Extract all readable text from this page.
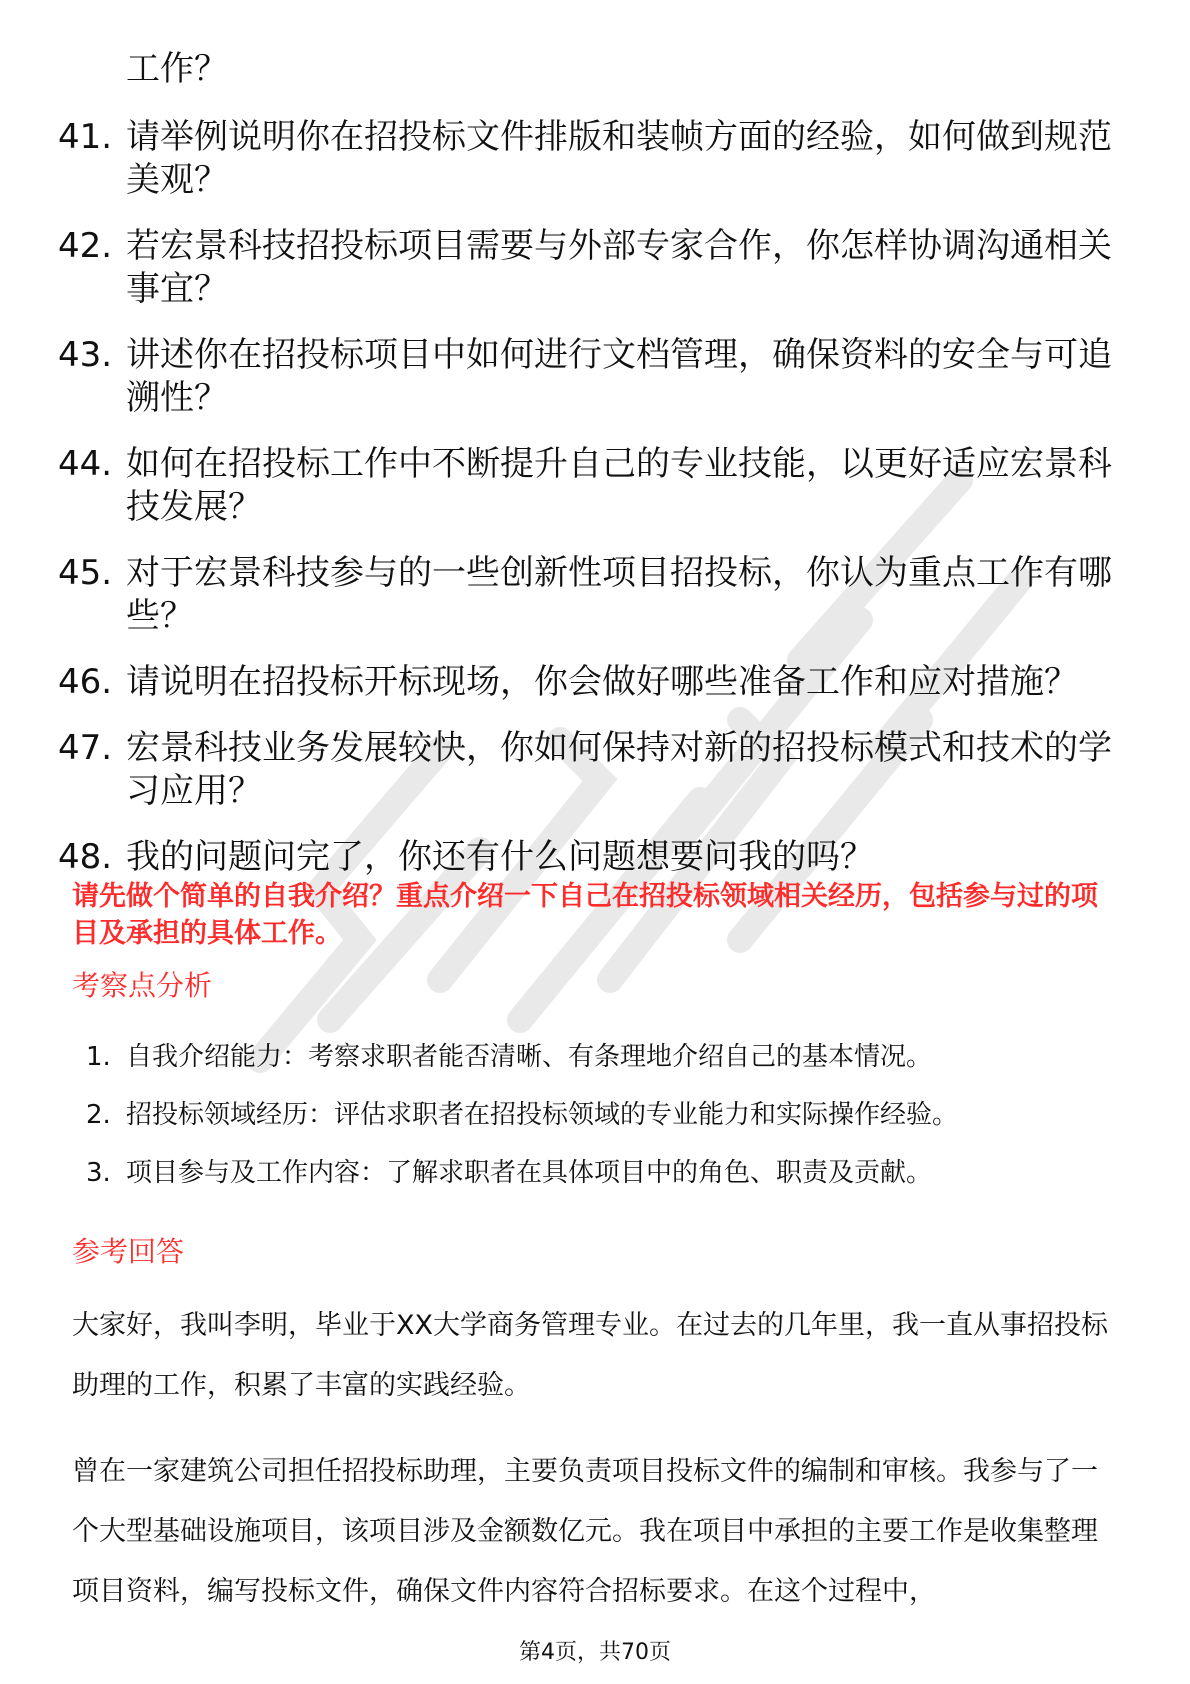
工作？
41. 请举例说明你在招投标文件排版和装帧方面的经验，如何做到规范美观？
42. 若宏景科技招投标项目需要与外部专家合作，你怎样协调沟通相关事宜？
43. 讲述你在招投标项目中如何进行文档管理，确保资料的安全与可追溯性？
44. 如何在招投标工作中不断提升自己的专业技能，以更好适应宏景科技发展？
45. 对于宏景科技参与的一些创新性项目招投标，你认为重点工作有哪些？
46. 请说明在招投标开标现场，你会做好哪些准备工作和应对措施？
47. 宏景科技业务发展较快，你如何保持对新的招投标模式和技术的学习应用？
48. 我的问题问完了，你还有什么问题想要问我的吗？
请先做个简单的自我介绍？重点介绍一下自己在招投标领域相关经历，包括参与过的项目及承担的具体工作。
考察点分析
1. 自我介绍能力：考察求职者能否清晰、有条理地介绍自己的基本情况。
2. 招投标领域经历：评估求职者在招投标领域的专业能力和实际操作经验。
3. 项目参与及工作内容：了解求职者在具体项目中的角色、职责及贡献。
参考回答
大家好，我叫李明，毕业于XX大学商务管理专业。在过去的几年里，我一直从事招投标助理的工作，积累了丰富的实践经验。
曾在一家建筑公司担任招投标助理，主要负责项目投标文件的编制和审核。我参与了一个大型基础设施项目，该项目涉及金额数亿元。我在项目中承担的主要工作是收集整理项目资料，编写投标文件，确保文件内容符合招标要求。在这个过程中，
第4页，共70页
